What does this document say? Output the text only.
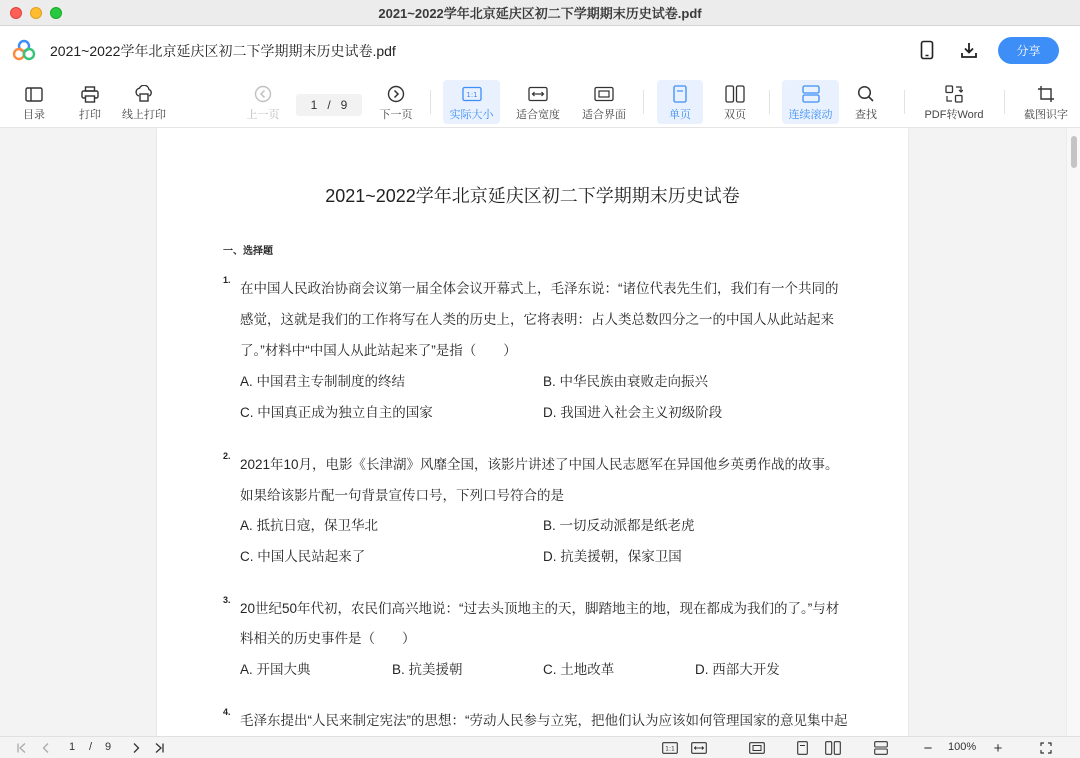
2021~2022学年北京延庆区初二下学期期末历史试卷.pdf
2021~2022学年北京延庆区初二下学期期末历史试卷.pdf	分享
目录	打印 线上打印	上一页
1 / 9
下一页
1:1
实际大小 适合宽度 适合界面	单页	双页	连续滚动 查找	PDF转Word	截图识字
2021~2022学年北京延庆区初二下学期期末历史试卷
一、选择题
1.
在中国人民政治协商会议第一届全体会议开幕式上，毛泽东说：“诸位代表先生们，我们有一个共同的
感觉，这就是我们的工作将写在人类的历史上，它将表明：占人类总数四分之一的中国人从此站起来
了。”材料中“中国人从此站起来了”是指（　　）
A. 中国君主专制制度的终结	B. 中华民族由衰败走向振兴
C. 中国真正成为独立自主的国家	D. 我国进入社会主义初级阶段
2.
2021年10月，电影《长津湖》风靡全国，该影片讲述了中国人民志愿军在异国他乡英勇作战的故事。
如果给该影片配一句背景宣传口号，下列口号符合的是
A. 抵抗日寇，保卫华北	B. 一切反动派都是纸老虎
C. 中国人民站起来了	D. 抗美援朝，保家卫国
3.
20世纪50年代初，农民们高兴地说：“过去头顶地主的天，脚踏地主的地，现在都成为我们的了。”与材
料相关的历史事件是（　　）
A. 开国大典	B. 抗美援朝	C. 土地改革	D. 西部大开发
4.
毛泽东提出“人民来制定宪法”的思想：“劳动人民参与立宪，把他们认为应该如何管理国家的意见集中起
1 / 9	1:1	−	100% +
